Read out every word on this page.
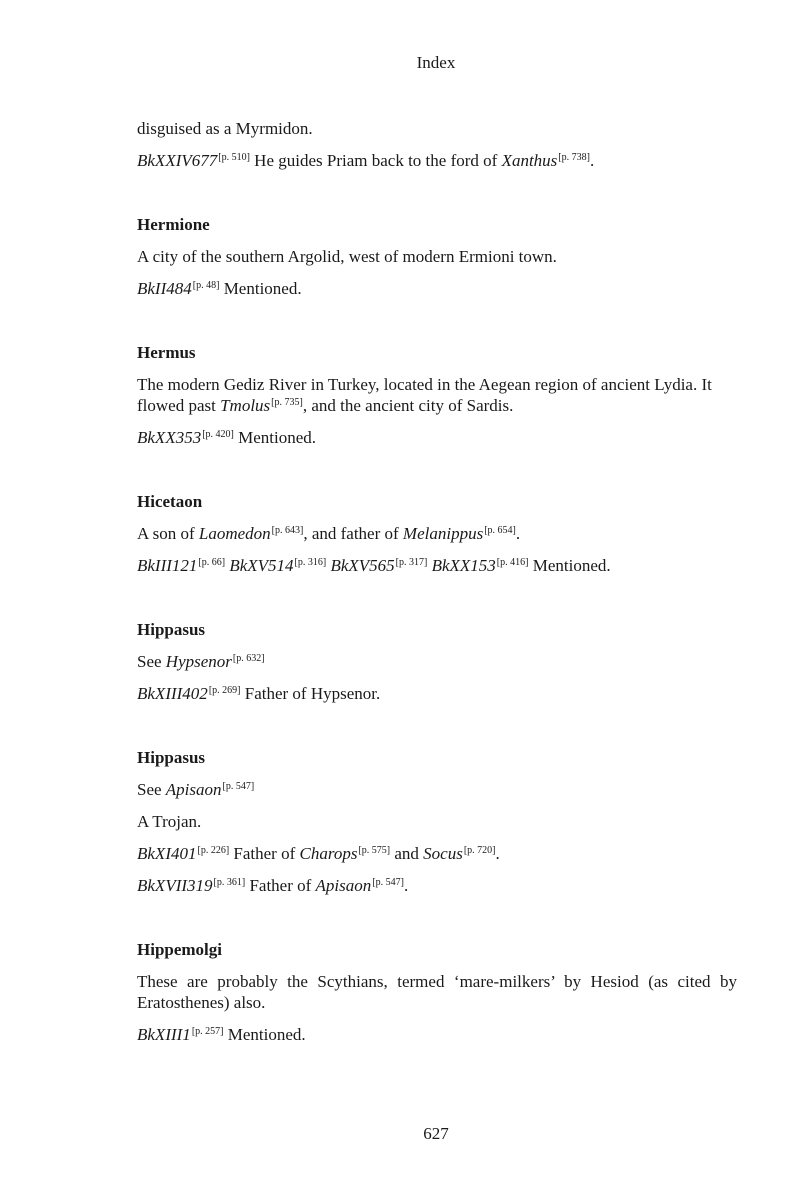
Index
disguised as a Myrmidon.
BkXXIV677[p. 510] He guides Priam back to the ford of Xanthus[p. 738].
Hermione
A city of the southern Argolid, west of modern Ermioni town.
BkII484[p. 48] Mentioned.
Hermus
The modern Gediz River in Turkey, located in the Aegean region of ancient Lydia. It flowed past Tmolus[p. 735], and the ancient city of Sardis.
BkXX353[p. 420] Mentioned.
Hicetaon
A son of Laomedon[p. 643], and father of Melanippus[p. 654].
BkIII121[p. 66] BkXV514[p. 316] BkXV565[p. 317] BkXX153[p. 416] Mentioned.
Hippasus
See Hypsenor[p. 632]
BkXIII402[p. 269] Father of Hypsenor.
Hippasus
See Apisaon[p. 547]
A Trojan.
BkXI401[p. 226] Father of Charops[p. 575] and Socus[p. 720].
BkXVII319[p. 361] Father of Apisaon[p. 547].
Hippemolgi
These are probably the Scythians, termed ‘mare-milkers’ by Hesiod (as cited by Eratosthenes) also.
BkXIII1[p. 257] Mentioned.
627
